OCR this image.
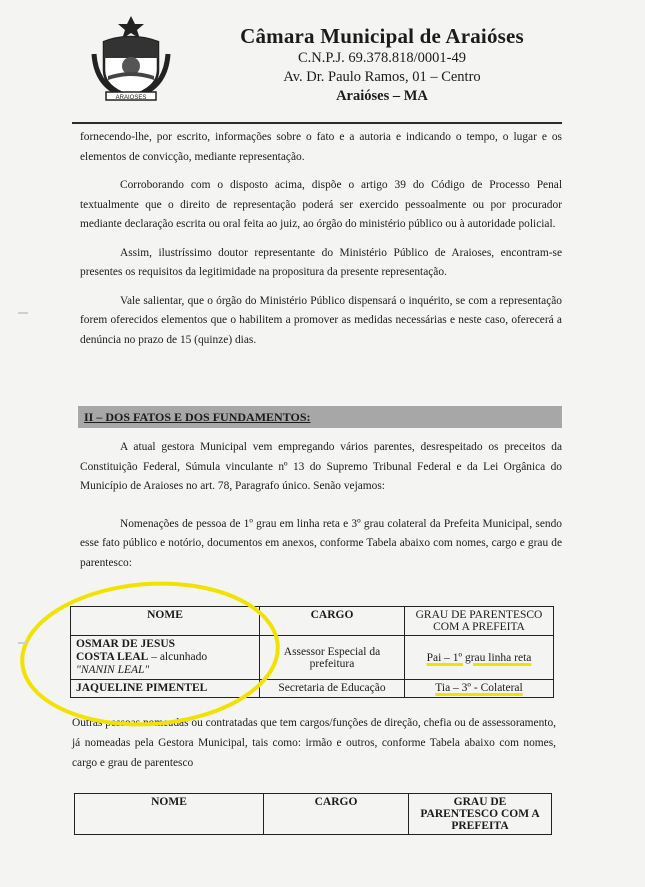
ARAIOSES
Câmara Municipal de Araióses
C.N.P.J. 69.378.818/0001-49
Av. Dr. Paulo Ramos, 01 – Centro
Araióses – MA

fornecendo-lhe, por escrito, informações sobre o fato e a autoria e indicando o tempo, o lugar e os elementos de convicção, mediante representação.

Corroborando com o disposto acima, dispõe o artigo 39 do Código de Processo Penal textualmente que o direito de representação poderá ser exercido pessoalmente ou por procurador mediante declaração escrita ou oral feita ao juiz, ao órgão do ministério público ou à autoridade policial.

Assim, ilustríssimo doutor representante do Ministério Público de Araioses, encontram-se presentes os requisitos da legitimidade na propositura da presente representação.

Vale salientar, que o órgão do Ministério Público dispensará o inquérito, se com a representação forem oferecidos elementos que o habilitem a promover as medidas necessárias e neste caso, oferecerá a denúncia no prazo de 15 (quinze) dias.

II – DOS FATOS E DOS FUNDAMENTOS:

A atual gestora Municipal vem empregando vários parentes, desrespeitado os preceitos da Constituição Federal, Súmula vinculante nº 13 do Supremo Tribunal Federal e da Lei Orgânica do Município de Araioses no art. 78, Paragrafo único. Senão vejamos:

Nomenações de pessoa de 1º grau em linha reta e 3º grau colateral da Prefeita Municipal, sendo esse fato público e notório, documentos em anexos, conforme Tabela abaixo com nomes, cargo e grau de parentesco:

NOME	CARGO	GRAU DE PARENTESCO COM A PREFEITA

OSMAR DE JESUS
COSTA LEAL – alcunhado
"NANIN LEAL"	Assessor Especial da prefeitura	Pai – 1º grau linha reta
JAQUELINE PIMENTEL	Secretaria de Educação	Tia – 3º - Colateral
Outras pessoas nomeadas ou contratadas que tem cargos/funções de direção, chefia ou de assessoramento, já nomeadas pela Gestora Municipal, tais como: irmão e outros, conforme Tabela abaixo com nomes, cargo e grau de parentesco
NOME	CARGO	GRAU DE PARENTESCO COM A PREFEITA
